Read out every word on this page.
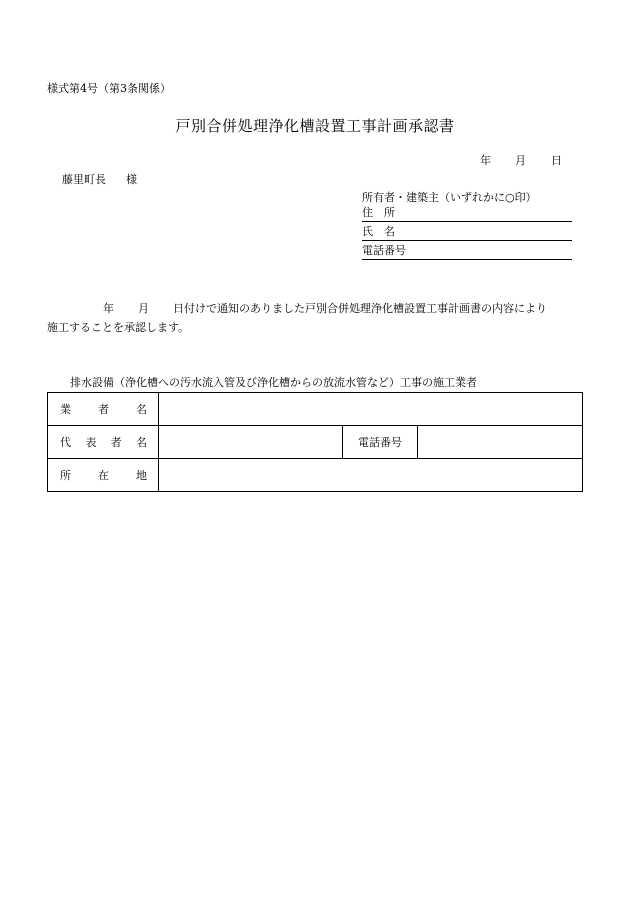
様式第4号（第3条関係）
戸別合併処理浄化槽設置工事計画承認書
年 月 日
藤里町長 様
所有者・建築主（いずれかに○印）
住　所
氏　名
電話番号
年 月 日付けで通知のありました戸別合併処理浄化槽設置工事計画書の内容により
施工することを承認します。
排水設備（浄化槽への汚水流入管及び浄化槽からの放流水管など）工事の施工業者
業 者 名			

代 表 者 名		電話番号	

所 在 地			
